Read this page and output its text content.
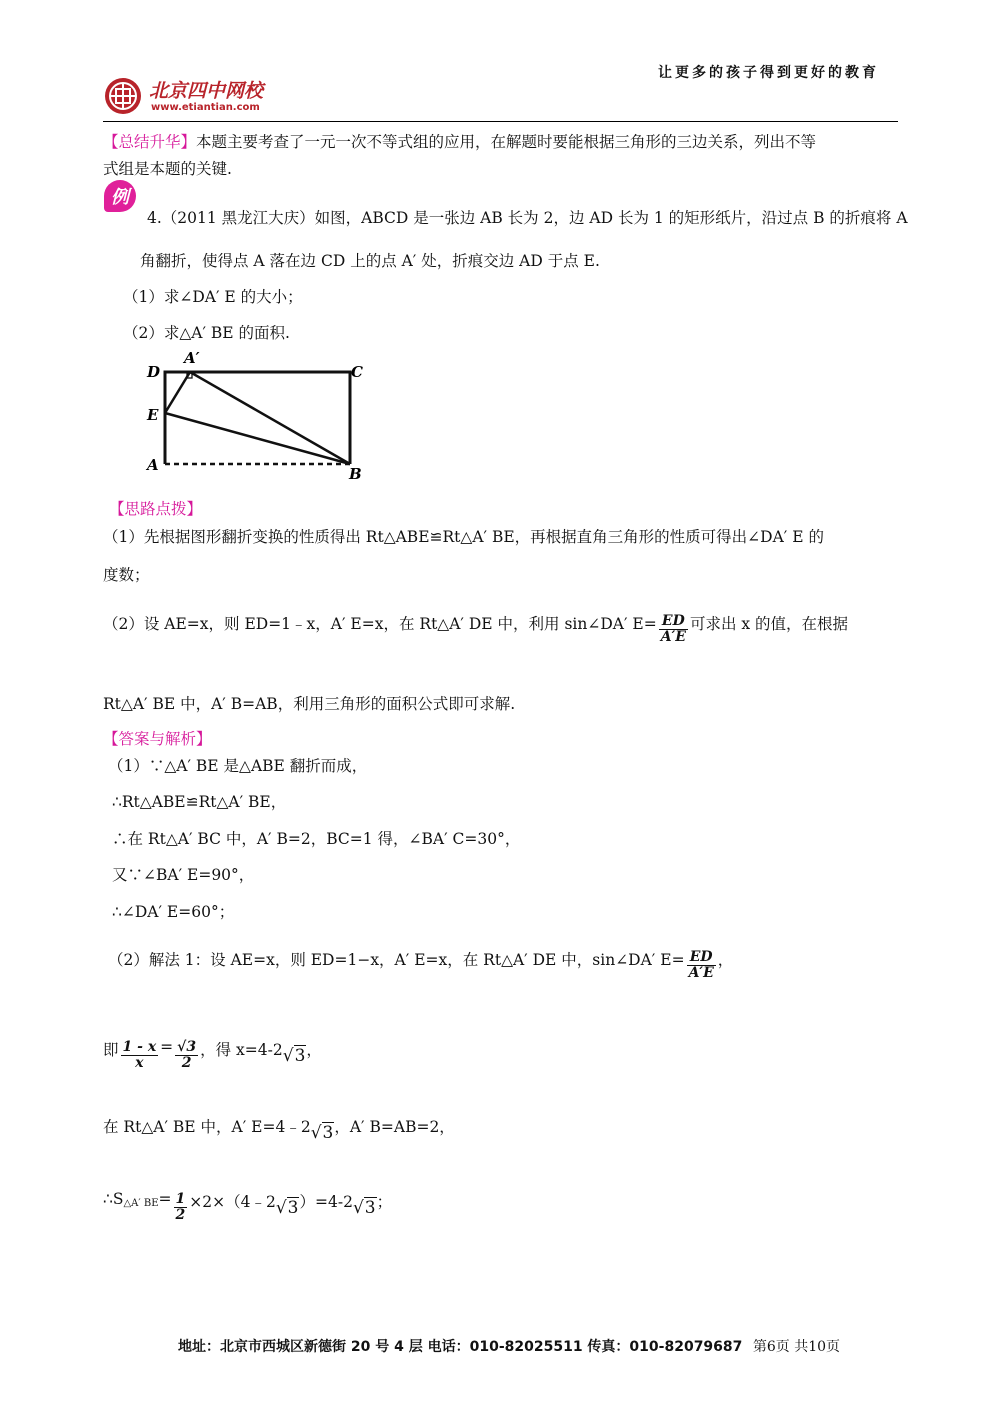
让更多的孩子得到更好的教育
北京四中网校
www.etiantian.com
【总结升华】本题主要考查了一元一次不等式组的应用，在解题时要能根据三角形的三边关系，列出不等
式组是本题的关键.
例
4.（2011 黑龙江大庆）如图，ABCD 是一张边 AB 长为 2，边 AD 长为 1 的矩形纸片，沿过点 B 的折痕将 A
角翻折，使得点 A 落在边 CD 上的点 A′ 处，折痕交边 AD 于点 E.
（1）求∠DA′ E 的大小；
（2）求△A′ BE 的面积.
D
A′
C
E
A	B
【思路点拨】
（1）先根据图形翻折变换的性质得出 Rt△ABE≌Rt△A′ BE，再根据直角三角形的性质可得出∠DA′ E 的
度数；
（2）设 AE=x，则 ED=1﹣x，A′ E=x，在 Rt△A′ DE 中，利用 sin∠DA′ $E= \frac{ED}{A'E}$ 可求出 x 的值，在根据
Rt△A′ BE 中，A′ B=AB，利用三角形的面积公式即可求解.
【答案与解析】
（1）∵△A′ BE 是△ABE 翻折而成，
∴Rt△ABE≌Rt△A′ BE，
∴在 Rt△A′ BC 中，A′ B=2，BC=1 得，∠BA′ C=30°，
又∵∠BA′ E=90°，
∴∠DA′ E=60°；
（2）解法 1：设 AE=x，则 ED=1−x，A′ E=x，在 Rt△A′ DE 中，sin∠DA′ $E= \frac{ED}{A'E}$ ，
即 $\frac{1 - x}{x} = \frac{√3}{2}$ ，得 x=4-2√3，
在 Rt△A′ BE 中，A′ E=4﹣2√3，A′ B=AB=2，
∴S△A′ $BE= \frac{1}{2}$ ×2×（4﹣2√3）=4-2√3；
地址：北京市西城区新德街 20 号 4 层 电话：010-82025511 传真：010-82079687 第6页 共10页
